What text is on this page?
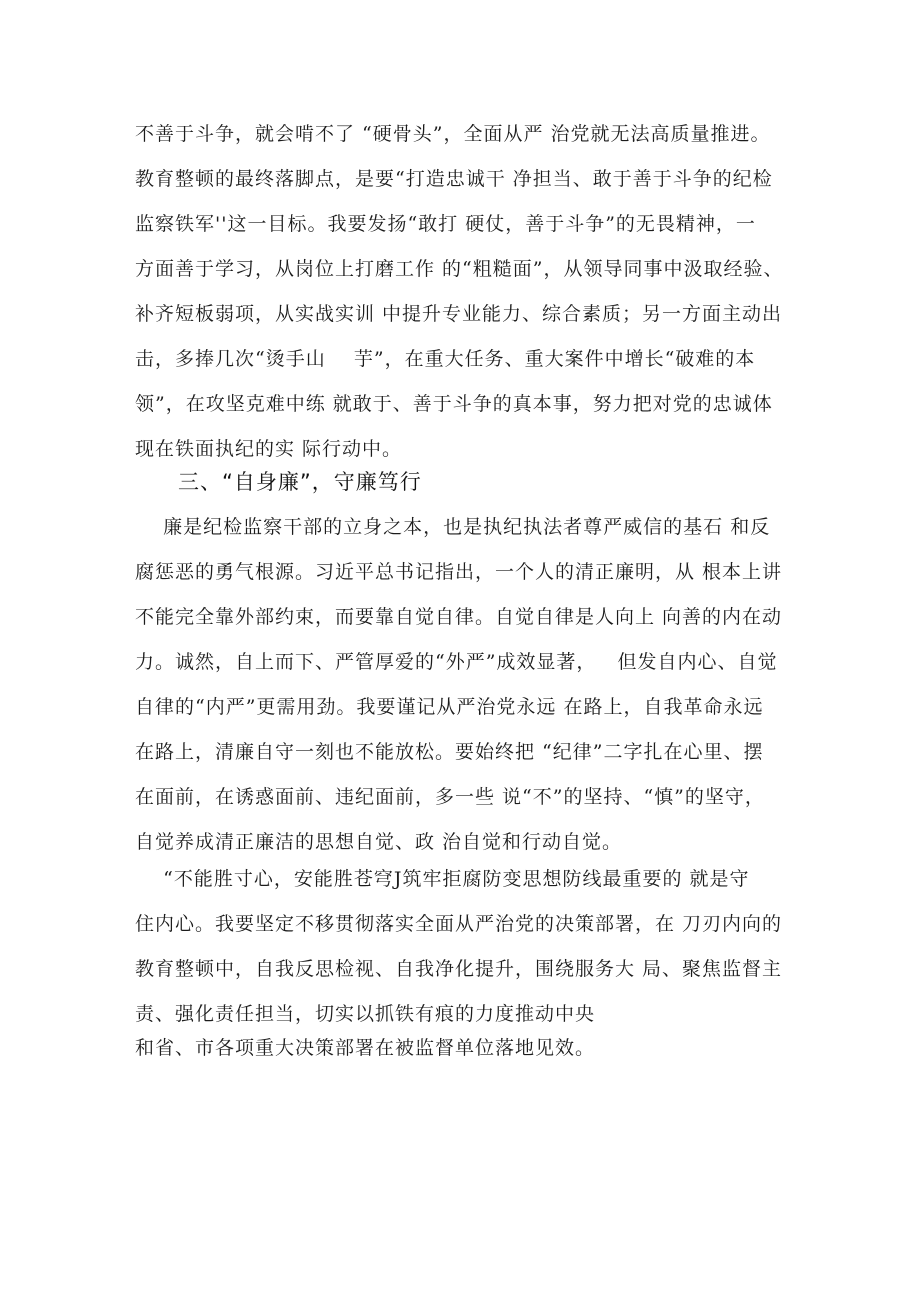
不善于斗争，就会啃不了 “硬骨头”，全面从严 治党就无法高质量推进。
教育整顿的最终落脚点，是要“打造忠诚干 净担当、敢于善于斗争的纪检
监察铁军''这一目标。我要发扬“敢打 硬仗，善于斗争”的无畏精神，一
方面善于学习，从岗位上打磨工作 的“粗糙面”，从领导同事中汲取经验、
补齐短板弱项，从实战实训 中提升专业能力、综合素质；另一方面主动出
击，多捧几次“烫手山    芋”，在重大任务、重大案件中增长“破难的本
领”，在攻坚克难中练 就敢于、善于斗争的真本事，努力把对党的忠诚体
现在铁面执纪的实 际行动中。
三、“自身廉”，守廉笃行
廉是纪检监察干部的立身之本，也是执纪执法者尊严威信的基石 和反
腐惩恶的勇气根源。习近平总书记指出，一个人的清正廉明，从 根本上讲
不能完全靠外部约束，而要靠自觉自律。自觉自律是人向上 向善的内在动
力。诚然，自上而下、严管厚爱的“外严”成效显著，   但发自内心、自觉
自律的“内严”更需用劲。我要谨记从严治党永远 在路上，自我革命永远
在路上，清廉自守一刻也不能放松。要始终把 “纪律”二字扎在心里、摆
在面前，在诱惑面前、违纪面前，多一些 说“不”的坚持、“慎”的坚守，
自觉养成清正廉洁的思想自觉、政 治自觉和行动自觉。
“不能胜寸心，安能胜苍穹J筑牢拒腐防变思想防线最重要的 就是守
住内心。我要坚定不移贯彻落实全面从严治党的决策部署，在 刀刃内向的
教育整顿中，自我反思检视、自我净化提升，围绕服务大 局、聚焦监督主
责、强化责任担当，切实以抓铁有痕的力度推动中央
和省、市各项重大决策部署在被监督单位落地见效。
